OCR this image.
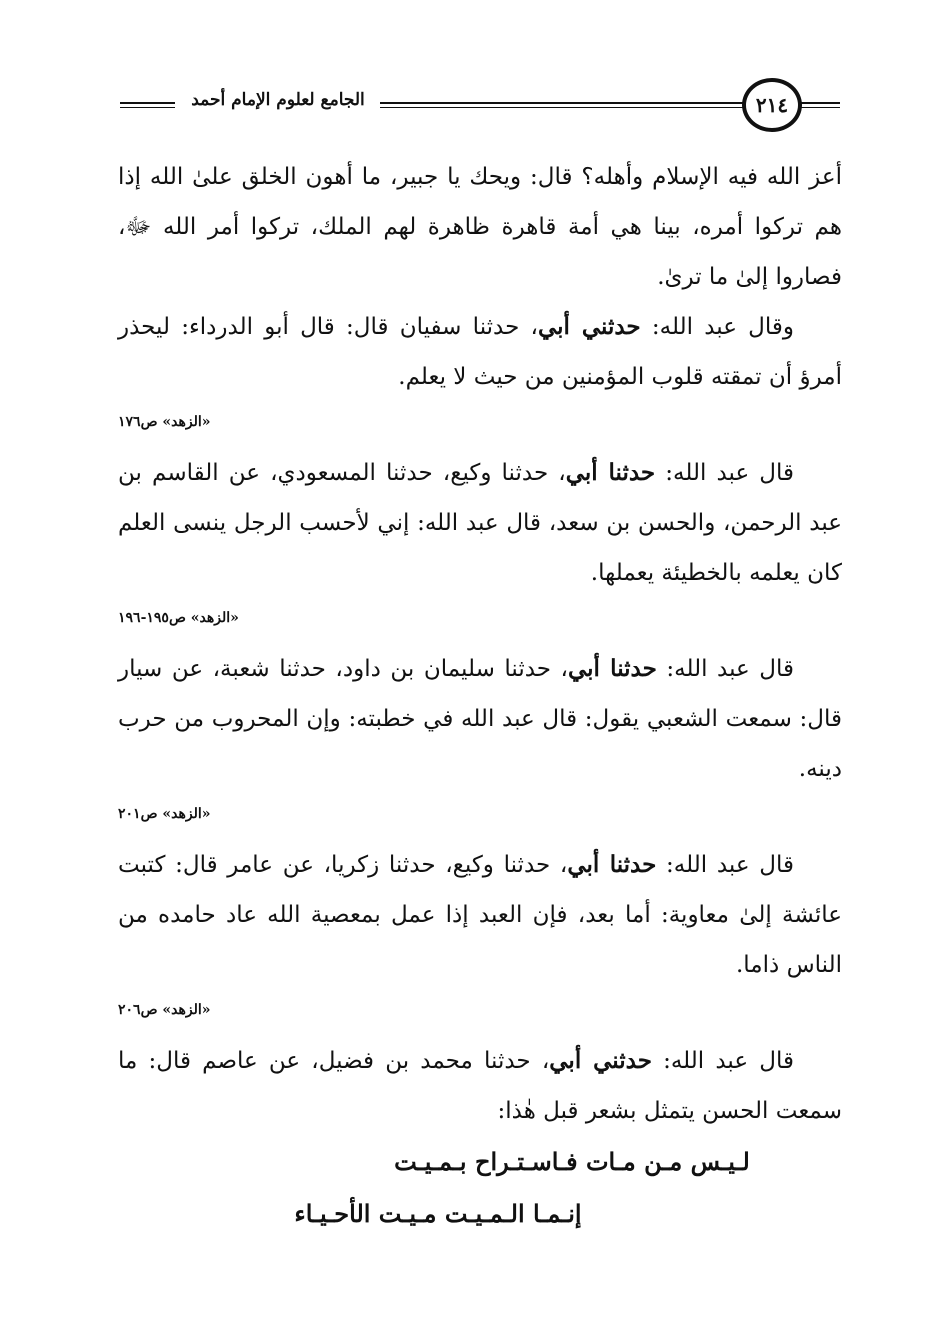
الجامع لعلوم الإمام أحمد	٢١٤

أعز الله فيه الإسلام وأهله؟ قال: ويحك يا جبير، ما أهون الخلق علىٰ الله إذا هم تركوا أمره، بينا هي أمة قاهرة ظاهرة لهم الملك، تركوا أمر الله ﷻ، فصاروا إلىٰ ما ترىٰ.

وقال عبد الله: حدثني أبي، حدثنا سفيان قال: قال أبو الدرداء: ليحذر أمرؤ أن تمقته قلوب المؤمنين من حيث لا يعلم.

«الزهد» ص١٧٦

قال عبد الله: حدثنا أبي، حدثنا وكيع، حدثنا المسعودي، عن القاسم بن عبد الرحمن، والحسن بن سعد، قال عبد الله: إني لأحسب الرجل ينسى العلم كان يعلمه بالخطيئة يعملها.

«الزهد» ص١٩٥-١٩٦

قال عبد الله: حدثنا أبي، حدثنا سليمان بن داود، حدثنا شعبة، عن سيار قال: سمعت الشعبي يقول: قال عبد الله في خطبته: وإن المحروب من حرب دينه.

«الزهد» ص٢٠١

قال عبد الله: حدثنا أبي، حدثنا وكيع، حدثنا زكريا، عن عامر قال: كتبت عائشة إلىٰ معاوية: أما بعد، فإن العبد إذا عمل بمعصية الله عاد حامده من الناس ذاما.

«الزهد» ص٢٠٦

قال عبد الله: حدثني أبي، حدثنا محمد بن فضيل، عن عاصم قال: ما سمعت الحسن يتمثل بشعر قبل هٰذا:

لـيـس مـن مـات فـاسـتـراح بـمـيـت
إنـمـا الـمـيـت مـيـت الأحـيـاء
